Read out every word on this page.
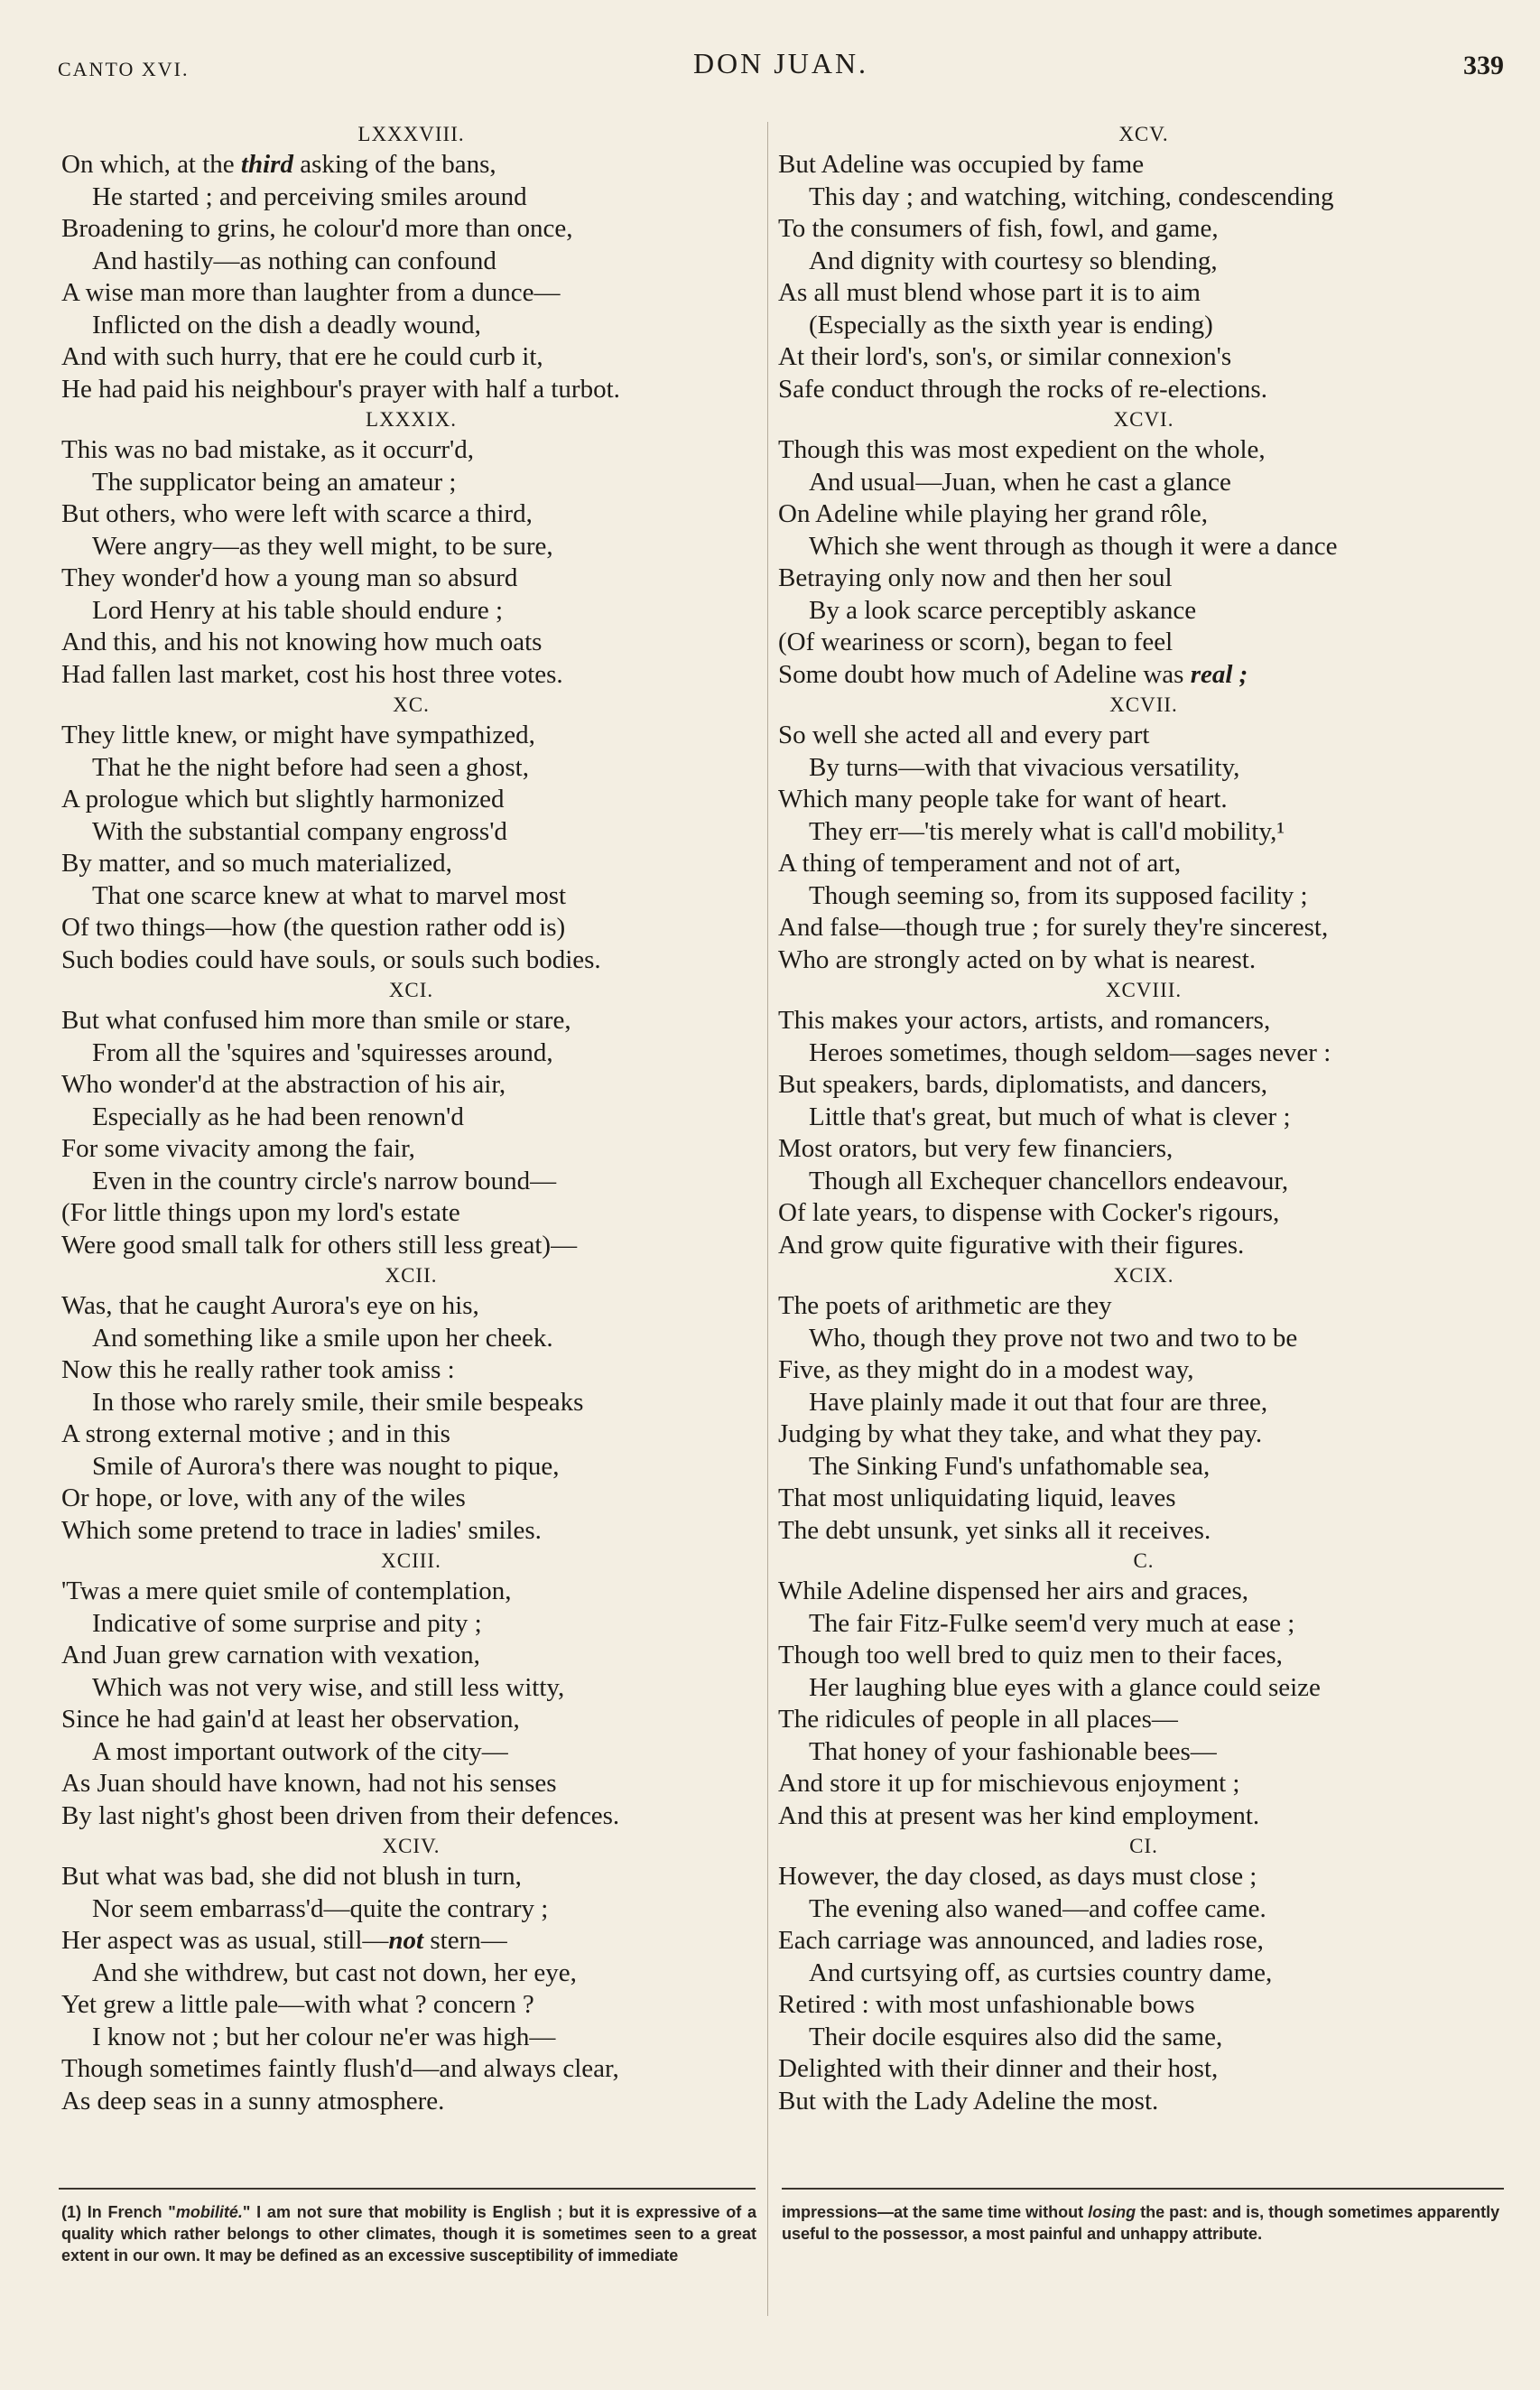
CANTO XVI.	DON JUAN.	339
LXXXVIII.
On which, at the third asking of the bans,
He started ; and perceiving smiles around
Broadening to grins, he colour'd more than once,
And hastily—as nothing can confound
A wise man more than laughter from a dunce—
Inflicted on the dish a deadly wound,
And with such hurry, that ere he could curb it,
He had paid his neighbour's prayer with half a turbot.
LXXXIX.
This was no bad mistake, as it occurr'd,
The supplicator being an amateur ;
But others, who were left with scarce a third,
Were angry—as they well might, to be sure,
They wonder'd how a young man so absurd
Lord Henry at his table should endure ;
And this, and his not knowing how much oats
Had fallen last market, cost his host three votes.
XC.
They little knew, or might have sympathized,
That he the night before had seen a ghost,
A prologue which but slightly harmonized
With the substantial company engross'd
By matter, and so much materialized,
That one scarce knew at what to marvel most
Of two things—how (the question rather odd is)
Such bodies could have souls, or souls such bodies.
XCI.
But what confused him more than smile or stare,
From all the 'squires and 'squiresses around,
Who wonder'd at the abstraction of his air,
Especially as he had been renown'd
For some vivacity among the fair,
Even in the country circle's narrow bound—
(For little things upon my lord's estate
Were good small talk for others still less great)—
XCII.
Was, that he caught Aurora's eye on his,
And something like a smile upon her cheek.
Now this he really rather took amiss :
In those who rarely smile, their smile bespeaks
A strong external motive ; and in this
Smile of Aurora's there was nought to pique,
Or hope, or love, with any of the wiles
Which some pretend to trace in ladies' smiles.
XCIII.
'Twas a mere quiet smile of contemplation,
Indicative of some surprise and pity ;
And Juan grew carnation with vexation,
Which was not very wise, and still less witty,
Since he had gain'd at least her observation,
A most important outwork of the city—
As Juan should have known, had not his senses
By last night's ghost been driven from their defences.
XCIV.
But what was bad, she did not blush in turn,
Nor seem embarrass'd—quite the contrary ;
Her aspect was as usual, still—not stern—
And she withdrew, but cast not down, her eye,
Yet grew a little pale—with what ? concern ?
I know not ; but her colour ne'er was high—
Though sometimes faintly flush'd—and always clear,
As deep seas in a sunny atmosphere.
XCV.
But Adeline was occupied by fame
This day ; and watching, witching, condescending
To the consumers of fish, fowl, and game,
And dignity with courtesy so blending,
As all must blend whose part it is to aim
(Especially as the sixth year is ending)
At their lord's, son's, or similar connexion's
Safe conduct through the rocks of re-elections.
XCVI.
Though this was most expedient on the whole,
And usual—Juan, when he cast a glance
On Adeline while playing her grand rôle,
Which she went through as though it were a dance
Betraying only now and then her soul
By a look scarce perceptibly askance
(Of weariness or scorn), began to feel
Some doubt how much of Adeline was real ;
XCVII.
So well she acted all and every part
By turns—with that vivacious versatility,
Which many people take for want of heart.
They err—'tis merely what is call'd mobility,¹
A thing of temperament and not of art,
Though seeming so, from its supposed facility ;
And false—though true ; for surely they're sincerest,
Who are strongly acted on by what is nearest.
XCVIII.
This makes your actors, artists, and romancers,
Heroes sometimes, though seldom—sages never :
But speakers, bards, diplomatists, and dancers,
Little that's great, but much of what is clever ;
Most orators, but very few financiers,
Though all Exchequer chancellors endeavour,
Of late years, to dispense with Cocker's rigours,
And grow quite figurative with their figures.
XCIX.
The poets of arithmetic are they
Who, though they prove not two and two to be
Five, as they might do in a modest way,
Have plainly made it out that four are three,
Judging by what they take, and what they pay.
The Sinking Fund's unfathomable sea,
That most unliquidating liquid, leaves
The debt unsunk, yet sinks all it receives.
C.
While Adeline dispensed her airs and graces,
The fair Fitz-Fulke seem'd very much at ease ;
Though too well bred to quiz men to their faces,
Her laughing blue eyes with a glance could seize
The ridicules of people in all places—
That honey of your fashionable bees—
And store it up for mischievous enjoyment ;
And this at present was her kind employment.
CI.
However, the day closed, as days must close ;
The evening also waned—and coffee came.
Each carriage was announced, and ladies rose,
And curtsying off, as curtsies country dame,
Retired : with most unfashionable bows
Their docile esquires also did the same,
Delighted with their dinner and their host,
But with the Lady Adeline the most.
(1) In French "mobilité." I am not sure that mobility is English ; but it is expressive of a quality which rather belongs to other climates, though it is sometimes seen to a great extent in our own. It may be defined as an excessive susceptibility of immediate
impressions—at the same time without losing the past: and is, though sometimes apparently useful to the possessor, a most painful and unhappy attribute.
